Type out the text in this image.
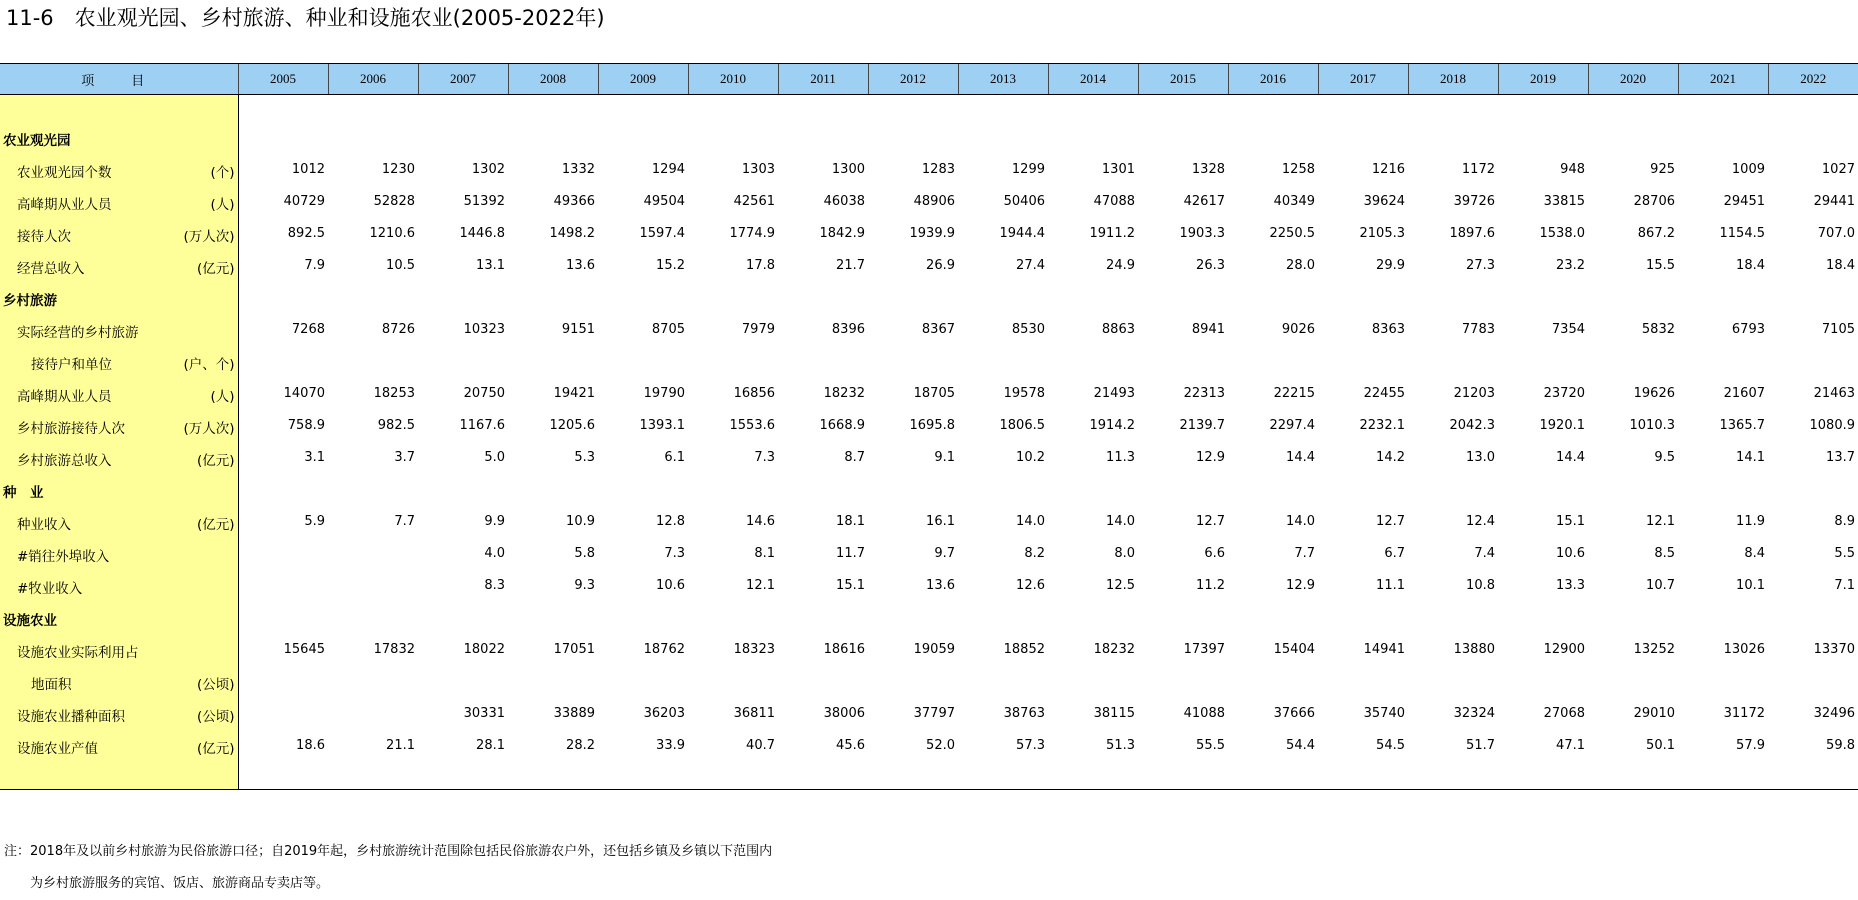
11-6　农业观光园、乡村旅游、种业和设施农业(2005-2022年)
项　目	2005	2006	2007	2008	2009	2010	2011	2012	2013	2014	2015	2016	2017	2018	2019	2020	2021	2022

农业观光园																		

农业观光园个数 (个)	1012	1230	1302	1332	1294	1303	1300	1283	1299	1301	1328	1258	1216	1172	948	925	1009	1027

高峰期从业人员 (人)	40729	52828	51392	49366	49504	42561	46038	48906	50406	47088	42617	40349	39624	39726	33815	28706	29451	29441

接待人次 (万人次)	892.5	1210.6	1446.8	1498.2	1597.4	1774.9	1842.9	1939.9	1944.4	1911.2	1903.3	2250.5	2105.3	1897.6	1538.0	867.2	1154.5	707.0

经营总收入 (亿元)	7.9	10.5	13.1	13.6	15.2	17.8	21.7	26.9	27.4	24.9	26.3	28.0	29.9	27.3	23.2	15.5	18.4	18.4

乡村旅游																		

实际经营的乡村旅游	7268	8726	10323	9151	8705	7979	8396	8367	8530	8863	8941	9026	8363	7783	7354	5832	6793	7105

接待户和单位 (户、个)																		

高峰期从业人员 (人)	14070	18253	20750	19421	19790	16856	18232	18705	19578	21493	22313	22215	22455	21203	23720	19626	21607	21463

乡村旅游接待人次 (万人次)	758.9	982.5	1167.6	1205.6	1393.1	1553.6	1668.9	1695.8	1806.5	1914.2	2139.7	2297.4	2232.1	2042.3	1920.1	1010.3	1365.7	1080.9

乡村旅游总收入 (亿元)	3.1	3.7	5.0	5.3	6.1	7.3	8.7	9.1	10.2	11.3	12.9	14.4	14.2	13.0	14.4	9.5	14.1	13.7

种　业																		

种业收入 (亿元)	5.9	7.7	9.9	10.9	12.8	14.6	18.1	16.1	14.0	14.0	12.7	14.0	12.7	12.4	15.1	12.1	11.9	8.9

#销往外埠收入			4.0	5.8	7.3	8.1	11.7	9.7	8.2	8.0	6.6	7.7	6.7	7.4	10.6	8.5	8.4	5.5

#牧业收入			8.3	9.3	10.6	12.1	15.1	13.6	12.6	12.5	11.2	12.9	11.1	10.8	13.3	10.7	10.1	7.1

设施农业																		

设施农业实际利用占	15645	17832	18022	17051	18762	18323	18616	19059	18852	18232	17397	15404	14941	13880	12900	13252	13026	13370

地面积 (公顷)																		

设施农业播种面积 (公顷)			30331	33889	36203	36811	38006	37797	38763	38115	41088	37666	35740	32324	27068	29010	31172	32496

设施农业产值 (亿元)	18.6	21.1	28.1	28.2	33.9	40.7	45.6	52.0	57.3	51.3	55.5	54.4	54.5	51.7	47.1	50.1	57.9	59.8

注：2018年及以前乡村旅游为民俗旅游口径；自2019年起，乡村旅游统计范围除包括民俗旅游农户外，还包括乡镇及乡镇以下范围内
为乡村旅游服务的宾馆、饭店、旅游商品专卖店等。
